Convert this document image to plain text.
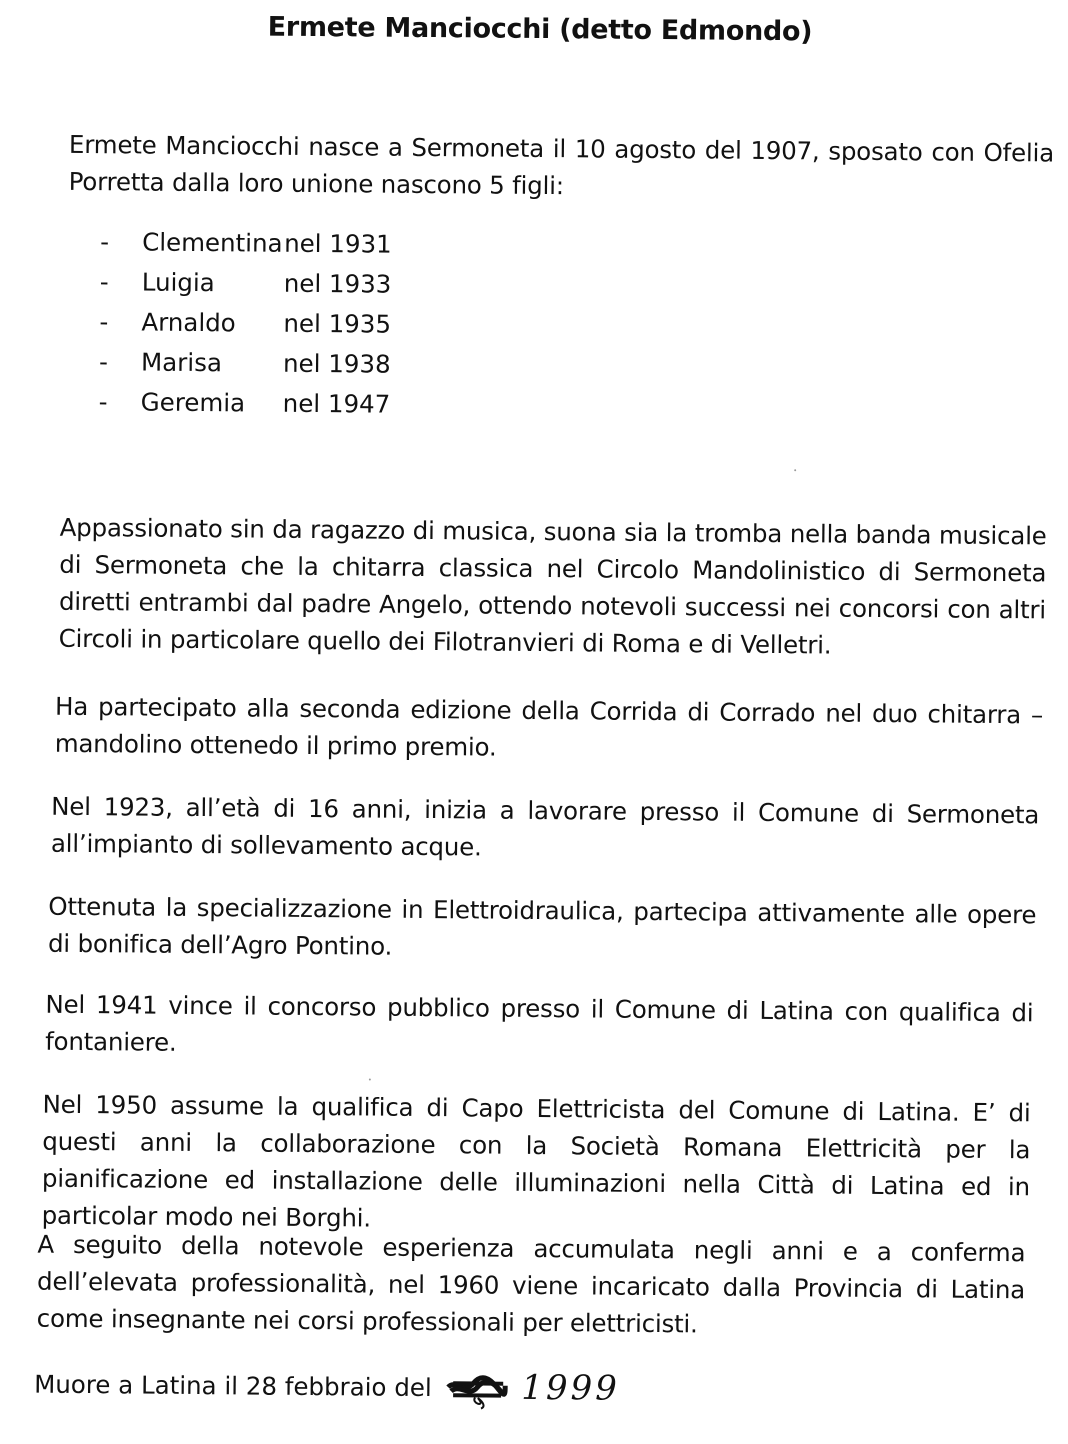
Ermete Manciocchi (detto Edmondo)
Ermete Manciocchi nasce a Sermoneta il 10 agosto del 1907, sposato con Ofelia Porretta dalla loro unione nascono 5 figli:
- Clementina nel 1931
- Luigia	nel 1933
- Arnaldo nel 1935
- Marisa nel 1938
- Geremia nel 1947
Appassionato sin da ragazzo di musica, suona sia la tromba nella banda musicale di Sermoneta che la chitarra classica nel Circolo Mandolinistico di Sermoneta diretti entrambi dal padre Angelo, ottendo notevoli successi nei concorsi con altri Circoli in particolare quello dei Filotranvieri di Roma e di Velletri.
Ha partecipato alla seconda edizione della Corrida di Corrado nel duo chitarra – mandolino ottenedo il primo premio.
Nel 1923, all’età di 16 anni, inizia a lavorare presso il Comune di Sermoneta all’impianto di sollevamento acque.
Ottenuta la specializzazione in Elettroidraulica, partecipa attivamente alle opere di bonifica dell’Agro Pontino.
Nel 1941 vince il concorso pubblico presso il Comune di Latina con qualifica di fontaniere.
Nel 1950 assume la qualifica di Capo Elettricista del Comune di Latina. E’ di questi anni la collaborazione con la Società Romana Elettricità per la pianificazione ed installazione delle illuminazioni nella Città di Latina ed in particolar modo nei Borghi.
A seguito della notevole esperienza accumulata negli anni e a conferma dell’elevata professionalità, nel 1960 viene incaricato dalla Provincia di Latina come insegnante nei corsi professionali per elettricisti.
Muore a Latina il 28 febbraio del	1999
